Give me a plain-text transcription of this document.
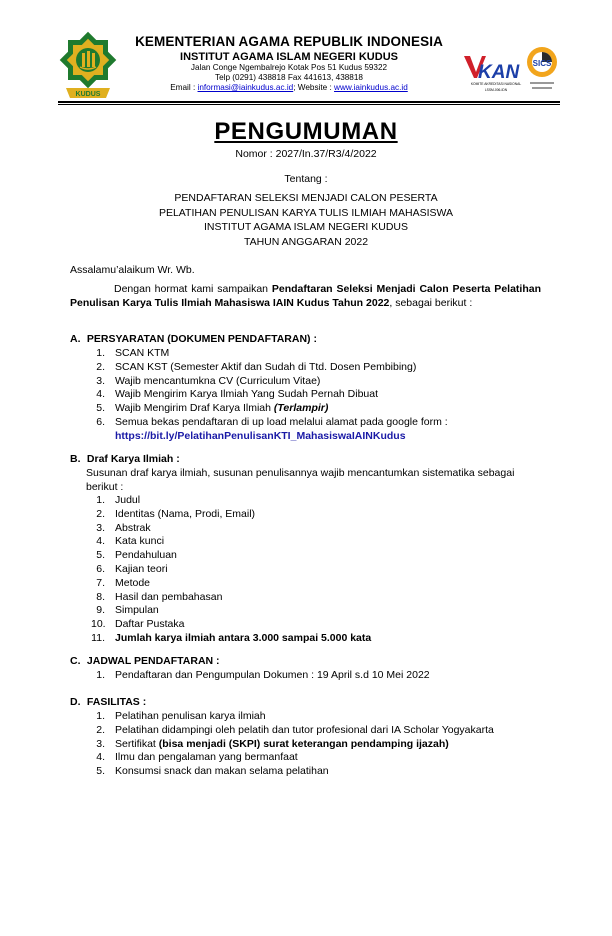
KUDUS
KEMENTERIAN AGAMA REPUBLIK INDONESIA
INSTITUT AGAMA ISLAM NEGERI KUDUS
Jalan Conge Ngembalrejo Kotak Pos 51 Kudus 59322
Telp (0291) 438818 Fax 441613, 438818
Email : informasi@iainkudus.ac.id; Website : www.iainkudus.ac.id
KAN
KOMITE AKREDITASI NASIONAL
LSSM-006-IDN
SICS
PENGUMUMAN
Nomor : 2027/In.37/R3/4/2022
Tentang :
PENDAFTARAN SELEKSI MENJADI CALON PESERTA
PELATIHAN PENULISAN KARYA TULIS ILMIAH MAHASISWA
INSTITUT AGAMA ISLAM NEGERI KUDUS
TAHUN ANGGARAN 2022
Assalamu’alaikum Wr. Wb.
Dengan hormat kami sampaikan Pendaftaran Seleksi Menjadi Calon Peserta Pelatihan Penulisan Karya Tulis Ilmiah Mahasiswa IAIN Kudus Tahun 2022, sebagai berikut :
A. PERSYARATAN (DOKUMEN PENDAFTARAN) :
1. SCAN KTM
2. SCAN KST (Semester Aktif dan Sudah di Ttd. Dosen Pembibing)
3. Wajib mencantumkna CV (Curriculum Vitae)
4. Wajib Mengirim Karya Ilmiah Yang Sudah Pernah Dibuat
5. Wajib Mengirim Draf Karya Ilmiah (Terlampir)
6. Semua bekas pendaftaran di up load melalui alamat pada google form :
https://bit.ly/PelatihanPenulisanKTI_MahasiswaIAINKudus
B. Draf Karya Ilmiah :
Susunan draf karya ilmiah, susunan penulisannya wajib mencantumkan sistematika sebagai berikut :
1. Judul
2. Identitas (Nama, Prodi, Email)
3. Abstrak
4. Kata kunci
5. Pendahuluan
6. Kajian teori
7. Metode
8. Hasil dan pembahasan
9. Simpulan
10. Daftar Pustaka
11. Jumlah karya ilmiah antara 3.000 sampai 5.000 kata
C. JADWAL PENDAFTARAN :
1. Pendaftaran dan Pengumpulan Dokumen : 19 April s.d 10 Mei 2022
D. FASILITAS :
1. Pelatihan penulisan karya ilmiah
2. Pelatihan didampingi oleh pelatih dan tutor profesional dari IA Scholar Yogyakarta
3. Sertifikat (bisa menjadi (SKPI) surat keterangan pendamping ijazah)
4. Ilmu dan pengalaman yang bermanfaat
5. Konsumsi snack dan makan selama pelatihan
